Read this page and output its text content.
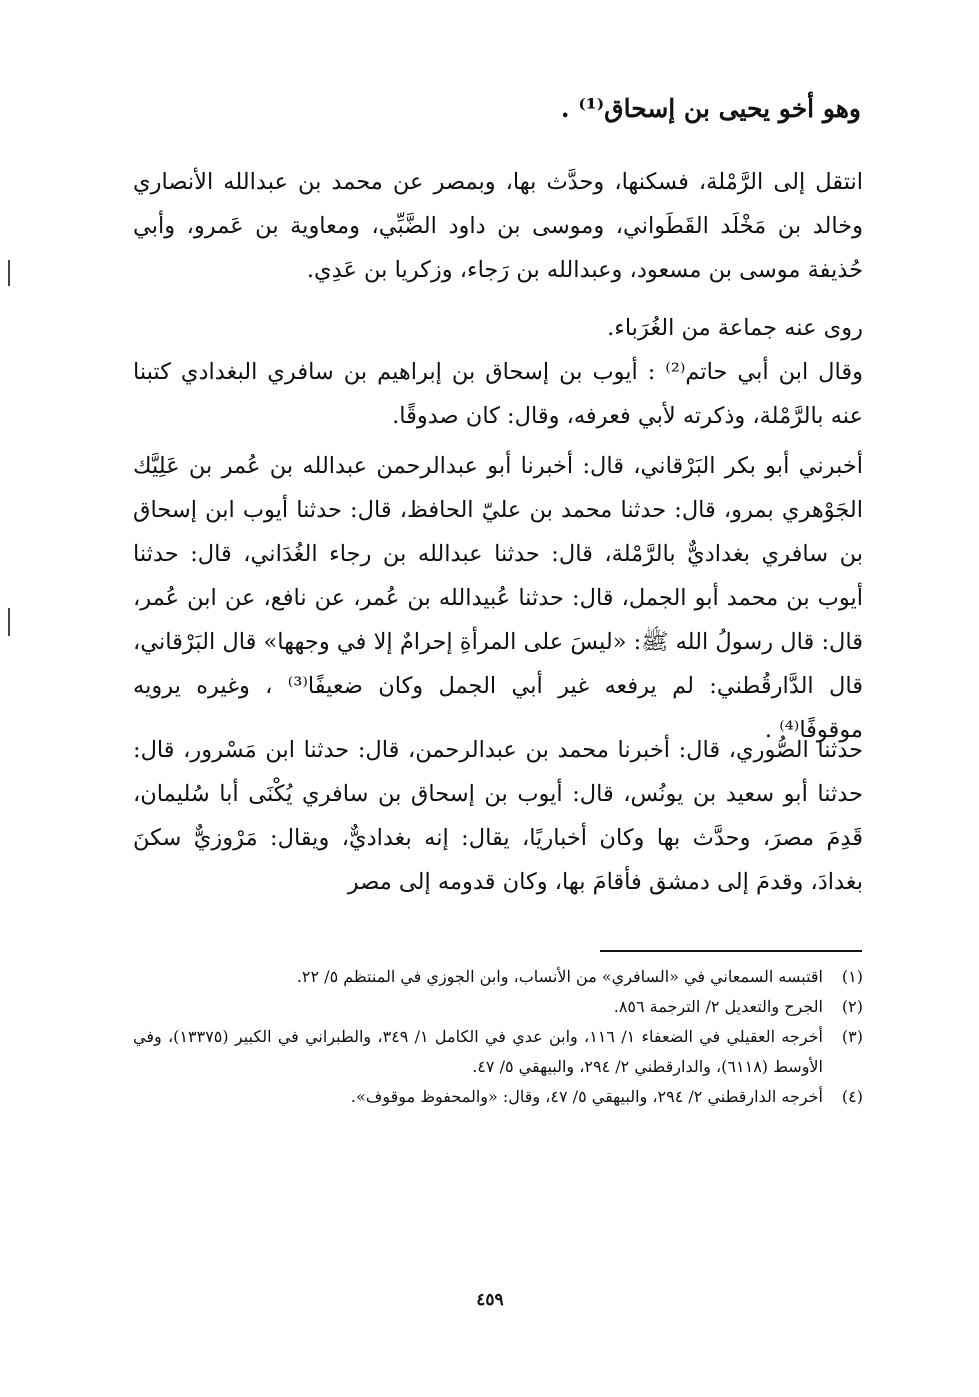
وهو أخو يحيى بن إسحاق⁽¹⁾ .
انتقل إلى الرَّمْلة، فسكنها، وحدَّث بها، وبمصر عن محمد بن عبدالله الأنصاري وخالد بن مَخْلَد القَطَواني، وموسى بن داود الضَّبِّي، ومعاوية بن عَمرو، وأبي حُذيفة موسى بن مسعود، وعبدالله بن رَجاء، وزكريا بن عَدِي.
روى عنه جماعة من الغُرَباء.
وقال ابن أبي حاتم⁽²⁾ : أيوب بن إسحاق بن إبراهيم بن سافري البغدادي كتبنا عنه بالرَّمْلة، وذكرته لأبي فعرفه، وقال: كان صدوقًا.
أخبرني أبو بكر البَرْقاني، قال: أخبرنا أبو عبدالرحمن عبدالله بن عُمر بن عَلِيَّك الجَوْهري بمرو، قال: حدثنا محمد بن عليّ الحافظ، قال: حدثنا أيوب ابن إسحاق بن سافري بغداديٌّ بالرَّمْلة، قال: حدثنا عبدالله بن رجاء الغُدَاني، قال: حدثنا أيوب بن محمد أبو الجمل، قال: حدثنا عُبيدالله بن عُمر، عن نافع، عن ابن عُمر، قال: قال رسولُ الله ﷺ: «ليسَ على المرأةِ إحرامٌ إلا في وجهها» قال البَرْقاني، قال الدَّارقُطني: لم يرفعه غير أبي الجمل وكان ضعيفًا⁽³⁾ ، وغيره يرويه موقوفًا⁽⁴⁾ .
حدثنا الصُّوري، قال: أخبرنا محمد بن عبدالرحمن، قال: حدثنا ابن مَسْرور، قال: حدثنا أبو سعيد بن يونُس، قال: أيوب بن إسحاق بن سافري يُكْنَى أبا سُليمان، قَدِمَ مصرَ، وحدَّث بها وكان أخباريًا، يقال: إنه بغداديٌّ، ويقال: مَرْوزيٌّ سكنَ بغدادَ، وقدمَ إلى دمشق فأقامَ بها، وكان قدومه إلى مصر
(١)
اقتبسه السمعاني في «السافري» من الأنساب، وابن الجوزي في المنتظم ٥/ ٢٢.
(٢)
الجرح والتعديل ٢/ الترجمة ٨٥٦.
(٣)
أخرجه العقيلي في الضعفاء ١/ ١١٦، وابن عدي في الكامل ١/ ٣٤٩، والطبراني في الكبير (١٣٣٧٥)، وفي الأوسط (٦١١٨)، والدارقطني ٢/ ٢٩٤، والبيهقي ٥/ ٤٧.
(٤)
أخرجه الدارقطني ٢/ ٢٩٤، والبيهقي ٥/ ٤٧، وقال: «والمحفوظ موقوف».
٤٥٩
